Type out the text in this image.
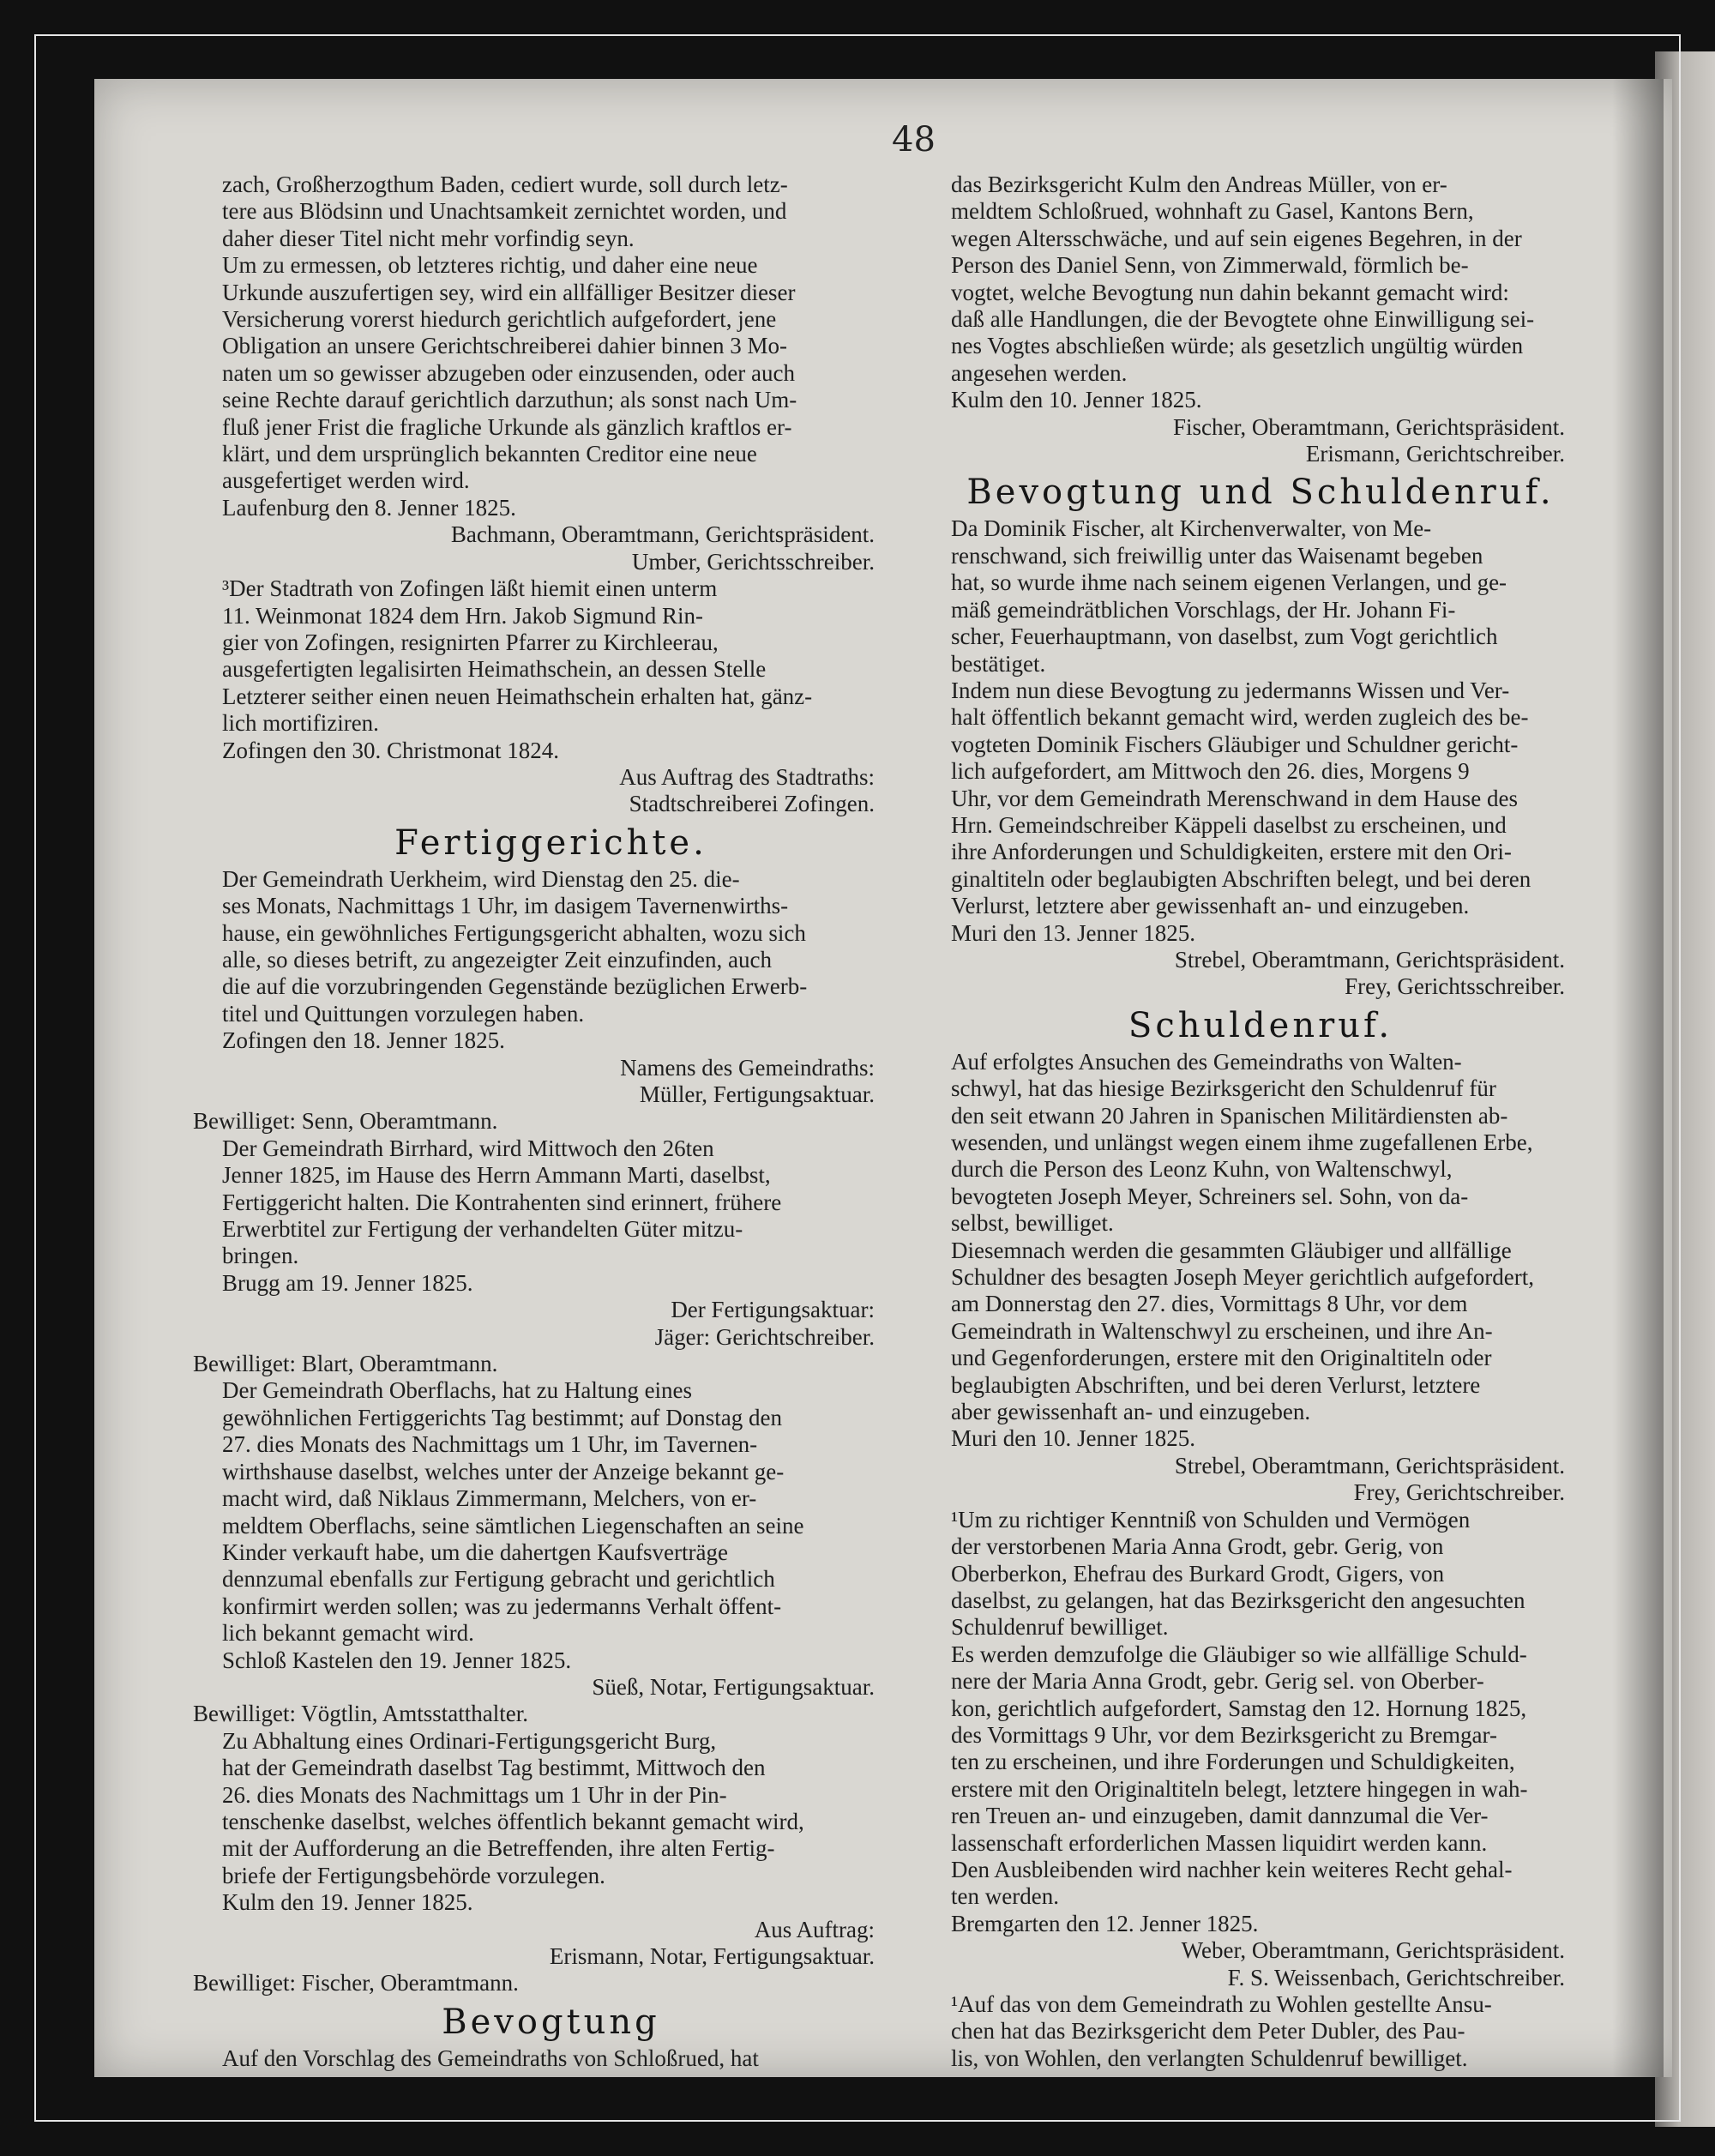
48
zach, Großherzogthum Baden, cediert wurde, soll durch letz-
tere aus Blödsinn und Unachtsamkeit zernichtet worden, und
daher dieser Titel nicht mehr vorfindig seyn.
Um zu ermessen, ob letzteres richtig, und daher eine neue
Urkunde auszufertigen sey, wird ein allfälliger Besitzer dieser
Versicherung vorerst hiedurch gerichtlich aufgefordert, jene
Obligation an unsere Gerichtschreiberei dahier binnen 3 Mo-
naten um so gewisser abzugeben oder einzusenden, oder auch
seine Rechte darauf gerichtlich darzuthun; als sonst nach Um-
fluß jener Frist die fragliche Urkunde als gänzlich kraftlos er-
klärt, und dem ursprünglich bekannten Creditor eine neue
ausgefertiget werden wird.
Laufenburg den 8. Jenner 1825.
Bachmann, Oberamtmann, Gerichtspräsident.
Umber, Gerichtsschreiber.
³Der Stadtrath von Zofingen läßt hiemit einen unterm
11. Weinmonat 1824 dem Hrn. Jakob Sigmund Rin-
gier von Zofingen, resignirten Pfarrer zu Kirchleerau,
ausgefertigten legalisirten Heimathschein, an dessen Stelle
Letzterer seither einen neuen Heimathschein erhalten hat, gänz-
lich mortifiziren.
Zofingen den 30. Christmonat 1824.
Aus Auftrag des Stadtraths:
Stadtschreiberei Zofingen.
Fertiggerichte.
Der Gemeindrath Uerkheim, wird Dienstag den 25. die-
ses Monats, Nachmittags 1 Uhr, im dasigem Tavernenwirths-
hause, ein gewöhnliches Fertigungsgericht abhalten, wozu sich
alle, so dieses betrift, zu angezeigter Zeit einzufinden, auch
die auf die vorzubringenden Gegenstände bezüglichen Erwerb-
titel und Quittungen vorzulegen haben.
Zofingen den 18. Jenner 1825.
Namens des Gemeindraths:
Müller, Fertigungsaktuar.
Bewilliget: Senn, Oberamtmann.
Der Gemeindrath Birrhard, wird Mittwoch den 26ten
Jenner 1825, im Hause des Herrn Ammann Marti, daselbst,
Fertiggericht halten. Die Kontrahenten sind erinnert, frühere
Erwerbtitel zur Fertigung der verhandelten Güter mitzu-
bringen.
Brugg am 19. Jenner 1825.
Der Fertigungsaktuar:
Jäger: Gerichtschreiber.
Bewilliget: Blart, Oberamtmann.
Der Gemeindrath Oberflachs, hat zu Haltung eines
gewöhnlichen Fertiggerichts Tag bestimmt; auf Donstag den
27. dies Monats des Nachmittags um 1 Uhr, im Tavernen-
wirthshause daselbst, welches unter der Anzeige bekannt ge-
macht wird, daß Niklaus Zimmermann, Melchers, von er-
meldtem Oberflachs, seine sämtlichen Liegenschaften an seine
Kinder verkauft habe, um die dahertgen Kaufsverträge
dennzumal ebenfalls zur Fertigung gebracht und gerichtlich
konfirmirt werden sollen; was zu jedermanns Verhalt öffent-
lich bekannt gemacht wird.
Schloß Kastelen den 19. Jenner 1825.
Süeß, Notar, Fertigungsaktuar.
Bewilliget: Vögtlin, Amtsstatthalter.
Zu Abhaltung eines Ordinari-Fertigungsgericht Burg,
hat der Gemeindrath daselbst Tag bestimmt, Mittwoch den
26. dies Monats des Nachmittags um 1 Uhr in der Pin-
tenschenke daselbst, welches öffentlich bekannt gemacht wird,
mit der Aufforderung an die Betreffenden, ihre alten Fertig-
briefe der Fertigungsbehörde vorzulegen.
Kulm den 19. Jenner 1825.
Aus Auftrag:
Erismann, Notar, Fertigungsaktuar.
Bewilliget: Fischer, Oberamtmann.
Bevogtung
Auf den Vorschlag des Gemeindraths von Schloßrued, hat
das Bezirksgericht Kulm den Andreas Müller, von er-
meldtem Schloßrued, wohnhaft zu Gasel, Kantons Bern,
wegen Altersschwäche, und auf sein eigenes Begehren, in der
Person des Daniel Senn, von Zimmerwald, förmlich be-
vogtet, welche Bevogtung nun dahin bekannt gemacht wird:
daß alle Handlungen, die der Bevogtete ohne Einwilligung sei-
nes Vogtes abschließen würde; als gesetzlich ungültig würden
angesehen werden.
Kulm den 10. Jenner 1825.
Fischer, Oberamtmann, Gerichtspräsident.
Erismann, Gerichtschreiber.
Bevogtung und Schuldenruf.
Da Dominik Fischer, alt Kirchenverwalter, von Me-
renschwand, sich freiwillig unter das Waisenamt begeben
hat, so wurde ihme nach seinem eigenen Verlangen, und ge-
mäß gemeindrätblichen Vorschlags, der Hr. Johann Fi-
scher, Feuerhauptmann, von daselbst, zum Vogt gerichtlich
bestätiget.
Indem nun diese Bevogtung zu jedermanns Wissen und Ver-
halt öffentlich bekannt gemacht wird, werden zugleich des be-
vogteten Dominik Fischers Gläubiger und Schuldner gericht-
lich aufgefordert, am Mittwoch den 26. dies, Morgens 9
Uhr, vor dem Gemeindrath Merenschwand in dem Hause des
Hrn. Gemeindschreiber Käppeli daselbst zu erscheinen, und
ihre Anforderungen und Schuldigkeiten, erstere mit den Ori-
ginaltiteln oder beglaubigten Abschriften belegt, und bei deren
Verlurst, letztere aber gewissenhaft an- und einzugeben.
Muri den 13. Jenner 1825.
Strebel, Oberamtmann, Gerichtspräsident.
Frey, Gerichtsschreiber.
Schuldenruf.
Auf erfolgtes Ansuchen des Gemeindraths von Walten-
schwyl, hat das hiesige Bezirksgericht den Schuldenruf für
den seit etwann 20 Jahren in Spanischen Militärdiensten ab-
wesenden, und unlängst wegen einem ihme zugefallenen Erbe,
durch die Person des Leonz Kuhn, von Waltenschwyl,
bevogteten Joseph Meyer, Schreiners sel. Sohn, von da-
selbst, bewilliget.
Diesemnach werden die gesammten Gläubiger und allfällige
Schuldner des besagten Joseph Meyer gerichtlich aufgefordert,
am Donnerstag den 27. dies, Vormittags 8 Uhr, vor dem
Gemeindrath in Waltenschwyl zu erscheinen, und ihre An-
und Gegenforderungen, erstere mit den Originaltiteln oder
beglaubigten Abschriften, und bei deren Verlurst, letztere
aber gewissenhaft an- und einzugeben.
Muri den 10. Jenner 1825.
Strebel, Oberamtmann, Gerichtspräsident.
Frey, Gerichtschreiber.
¹Um zu richtiger Kenntniß von Schulden und Vermögen
der verstorbenen Maria Anna Grodt, gebr. Gerig, von
Oberberkon, Ehefrau des Burkard Grodt, Gigers, von
daselbst, zu gelangen, hat das Bezirksgericht den angesuchten
Schuldenruf bewilliget.
Es werden demzufolge die Gläubiger so wie allfällige Schuld-
nere der Maria Anna Grodt, gebr. Gerig sel. von Oberber-
kon, gerichtlich aufgefordert, Samstag den 12. Hornung 1825,
des Vormittags 9 Uhr, vor dem Bezirksgericht zu Bremgar-
ten zu erscheinen, und ihre Forderungen und Schuldigkeiten,
erstere mit den Originaltiteln belegt, letztere hingegen in wah-
ren Treuen an- und einzugeben, damit dannzumal die Ver-
lassenschaft erforderlichen Massen liquidirt werden kann.
Den Ausbleibenden wird nachher kein weiteres Recht gehal-
ten werden.
Bremgarten den 12. Jenner 1825.
Weber, Oberamtmann, Gerichtspräsident.
F. S. Weissenbach, Gerichtschreiber.
¹Auf das von dem Gemeindrath zu Wohlen gestellte Ansu-
chen hat das Bezirksgericht dem Peter Dubler, des Pau-
lis, von Wohlen, den verlangten Schuldenruf bewilliget.
